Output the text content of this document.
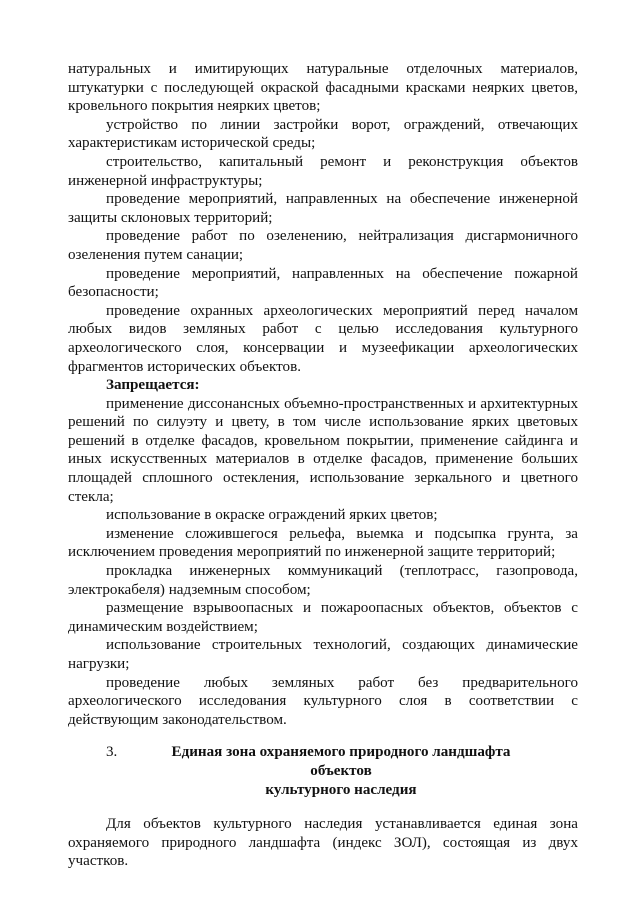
натуральных и имитирующих натуральные отделочных материалов, штукатурки с последующей окраской фасадными красками неярких цветов, кровельного покрытия неярких цветов;

устройство по линии застройки ворот, ограждений, отвечающих характеристикам исторической среды;

строительство, капитальный ремонт и реконструкция объектов инженерной инфраструктуры;

проведение мероприятий, направленных на обеспечение инженерной защиты склоновых территорий;

проведение работ по озеленению, нейтрализация дисгармоничного озеленения путем санации;

проведение мероприятий, направленных на обеспечение пожарной безопасности;

проведение охранных археологических мероприятий перед началом любых видов земляных работ с целью исследования культурного археологического слоя, консервации и музеефикации археологических фрагментов исторических объектов.

Запрещается:

применение диссонансных объемно-пространственных и архитектурных решений по силуэту и цвету, в том числе использование ярких цветовых решений в отделке фасадов, кровельном покрытии, применение сайдинга и иных искусственных материалов в отделке фасадов, применение больших площадей сплошного остекления, использование зеркального и цветного стекла;

использование в окраске ограждений ярких цветов;

изменение сложившегося рельефа, выемка и подсыпка грунта, за исключением проведения мероприятий по инженерной защите территорий;

прокладка инженерных коммуникаций (теплотрасс, газопровода, электрокабеля) надземным способом;

размещение взрывоопасных и пожароопасных объектов, объектов с динамическим воздействием;

использование строительных технологий, создающих динамические нагрузки;

проведение любых земляных работ без предварительного археологического исследования культурного слоя в соответствии с действующим законодательством.

3.	Единая зона охраняемого природного ландшафта объектов
культурного наследия

Для объектов культурного наследия устанавливается единая зона охраняемого природного ландшафта (индекс ЗОЛ), состоящая из двух участков.
